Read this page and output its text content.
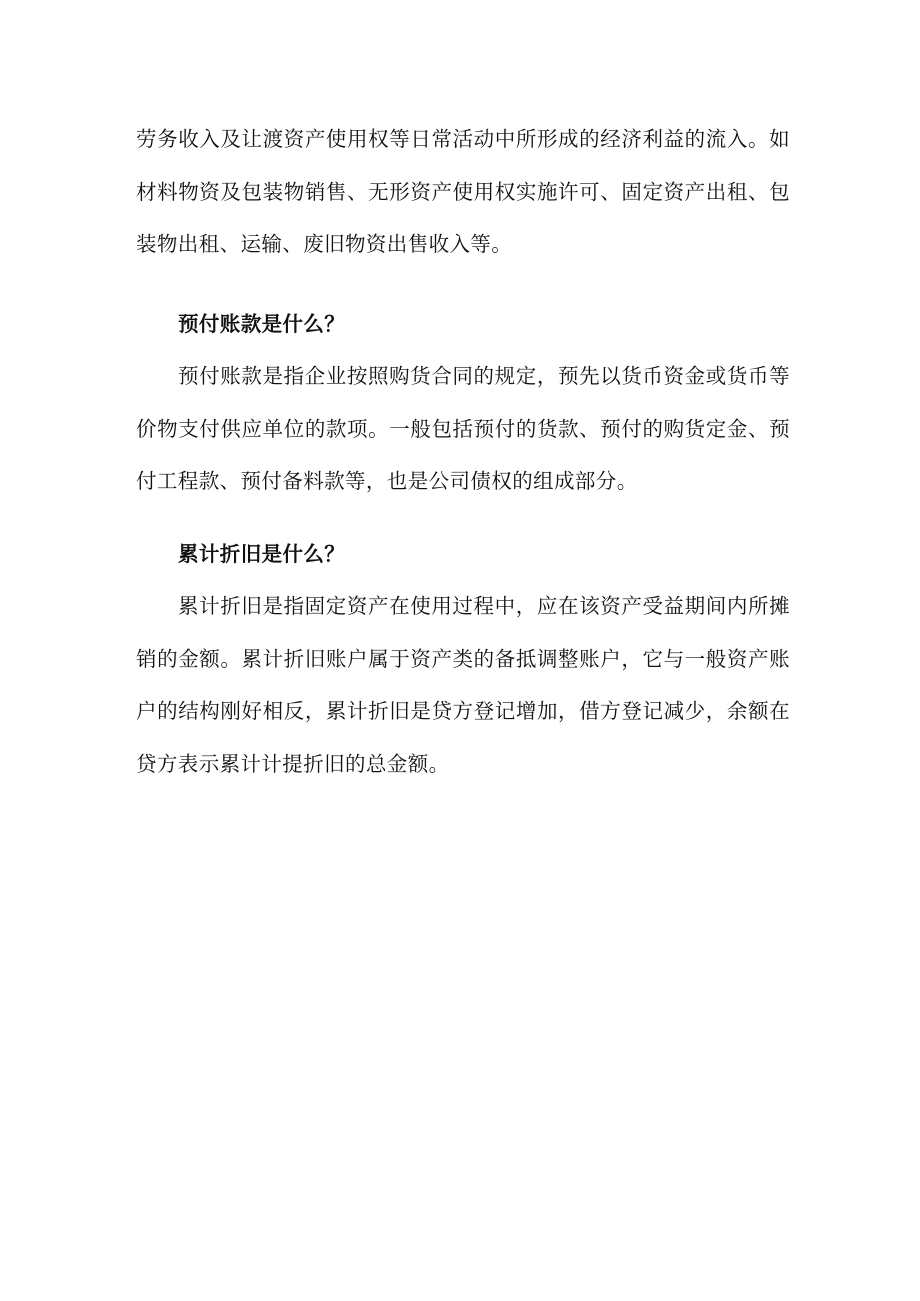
劳务收入及让渡资产使用权等日常活动中所形成的经济利益的流入。如材料物资及包装物销售、无形资产使用权实施许可、固定资产出租、包装物出租、运输、废旧物资出售收入等。

预付账款是什么？

预付账款是指企业按照购货合同的规定，预先以货币资金或货币等价物支付供应单位的款项。一般包括预付的货款、预付的购货定金、预付工程款、预付备料款等，也是公司债权的组成部分。

累计折旧是什么？

累计折旧是指固定资产在使用过程中，应在该资产受益期间内所摊销的金额。累计折旧账户属于资产类的备抵调整账户，它与一般资产账户的结构刚好相反，累计折旧是贷方登记增加，借方登记减少，余额在贷方表示累计计提折旧的总金额。
